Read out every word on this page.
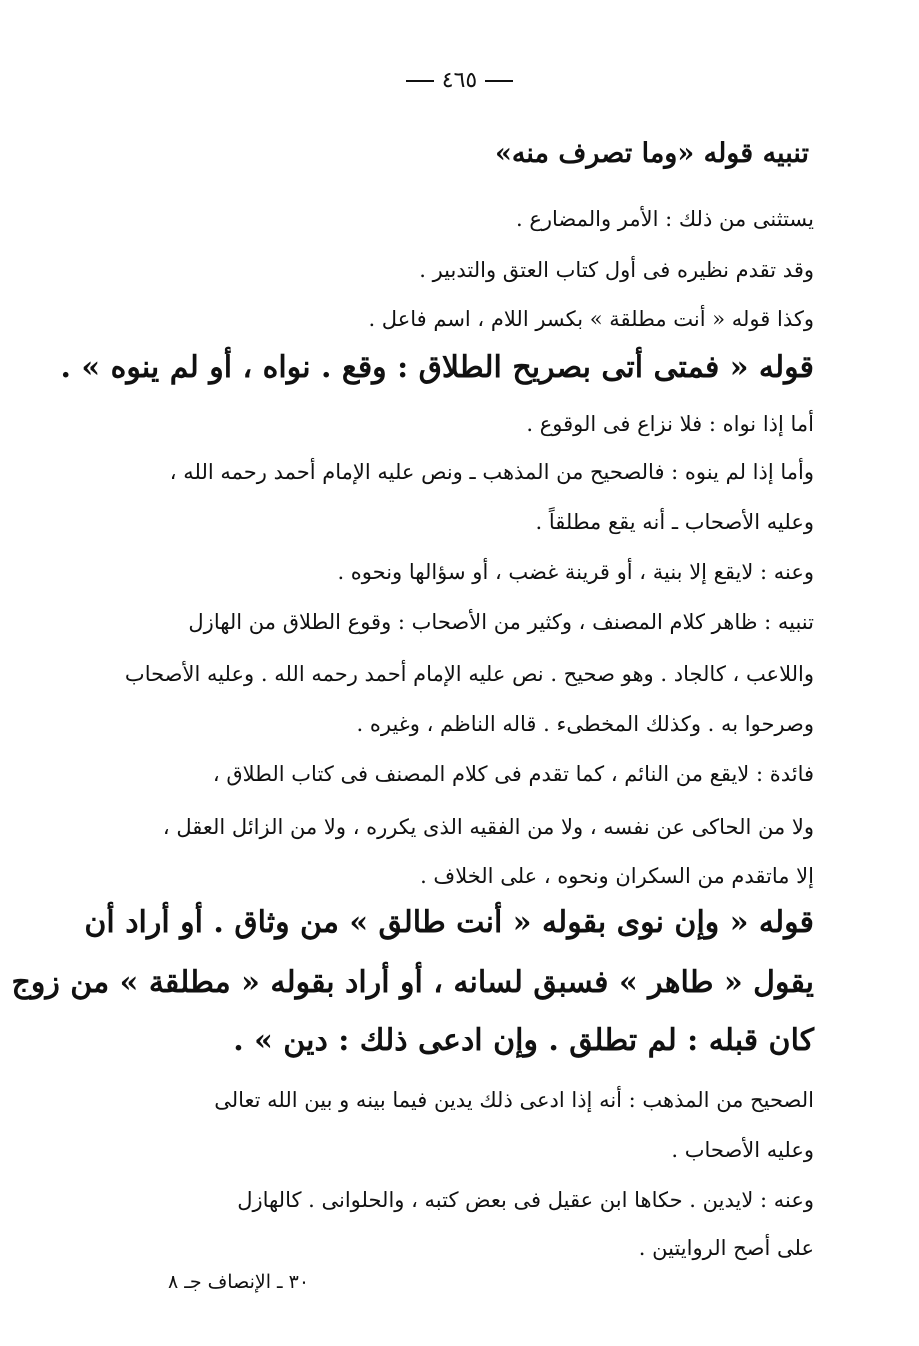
٤٦٥
تنبيه قوله «وما تصرف منه»
يستثنى من ذلك : الأمر والمضارع .
وقد تقدم نظيره فى أول كتاب العتق والتدبير .
وكذا قوله « أنت مطلقة » بكسر اللام ، اسم فاعل .
قوله « فمتى أتى بصريح الطلاق : وقع . نواه ، أو لم ينوه » .
أما إذا نواه : فلا نزاع فى الوقوع .
وأما إذا لم ينوه : فالصحيح من المذهب ـ ونص عليه الإمام أحمد رحمه الله ،
وعليه الأصحاب ـ أنه يقع مطلقاً .
وعنه : لايقع إلا بنية ، أو قرينة غضب ، أو سؤالها ونحوه .
تنبيه : ظاهر كلام المصنف ، وكثير من الأصحاب : وقوع الطلاق من الهازل
واللاعب ، كالجاد . وهو صحيح . نص عليه الإمام أحمد رحمه الله . وعليه الأصحاب
وصرحوا به . وكذلك المخطىء . قاله الناظم ، وغيره .
فائدة : لايقع من النائم ، كما تقدم فى كلام المصنف فى كتاب الطلاق ،
ولا من الحاكى عن نفسه ، ولا من الفقيه الذى يكرره ، ولا من الزائل العقل ،
إلا ماتقدم من السكران ونحوه ، على الخلاف .
قوله « وإن نوى بقوله « أنت طالق » من وثاق . أو أراد أن
يقول « طاهر » فسبق لسانه ، أو أراد بقوله « مطلقة » من زوج
كان قبله : لم تطلق . وإن ادعى ذلك : دين » .
الصحيح من المذهب : أنه إذا ادعى ذلك يدين فيما بينه و بين الله تعالى
وعليه الأصحاب .
وعنه : لايدين . حكاها ابن عقيل فى بعض كتبه ، والحلوانى . كالهازل
على أصح الروايتين .
٣٠ ـ الإنصاف جـ ٨
